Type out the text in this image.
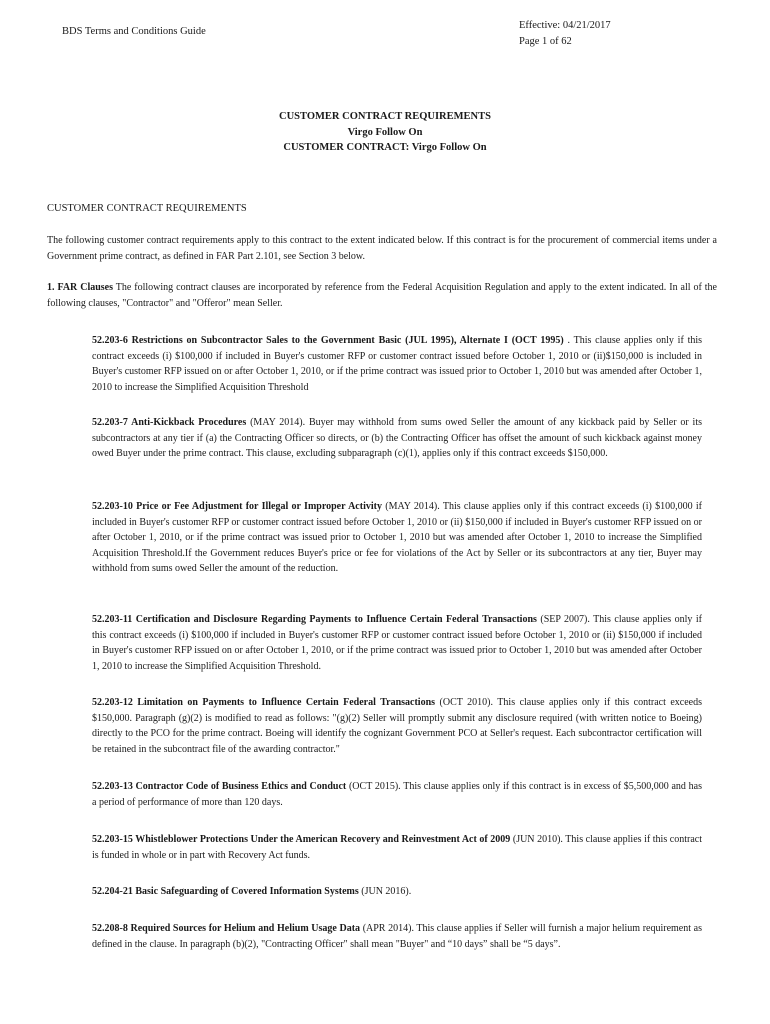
BDS Terms and Conditions Guide
Effective: 04/21/2017
Page 1 of 62
CUSTOMER CONTRACT REQUIREMENTS
Virgo Follow On
CUSTOMER CONTRACT: Virgo Follow On
CUSTOMER CONTRACT REQUIREMENTS
The following customer contract requirements apply to this contract to the extent indicated below. If this contract is for the procurement of commercial items under a Government prime contract, as defined in FAR Part 2.101, see Section 3 below.
1. FAR Clauses The following contract clauses are incorporated by reference from the Federal Acquisition Regulation and apply to the extent indicated. In all of the following clauses, "Contractor" and "Offeror" mean Seller.
52.203-6 Restrictions on Subcontractor Sales to the Government Basic (JUL 1995), Alternate I (OCT 1995) . This clause applies only if this contract exceeds (i) $100,000 if included in Buyer's customer RFP or customer contract issued before October 1, 2010 or (ii)$150,000 is included in Buyer's customer RFP issued on or after October 1, 2010, or if the prime contract was issued prior to October 1, 2010 but was amended after October 1, 2010 to increase the Simplified Acquisition Threshold
52.203-7 Anti-Kickback Procedures (MAY 2014). Buyer may withhold from sums owed Seller the amount of any kickback paid by Seller or its subcontractors at any tier if (a) the Contracting Officer so directs, or (b) the Contracting Officer has offset the amount of such kickback against money owed Buyer under the prime contract. This clause, excluding subparagraph (c)(1), applies only if this contract exceeds $150,000.
52.203-10 Price or Fee Adjustment for Illegal or Improper Activity (MAY 2014). This clause applies only if this contract exceeds (i) $100,000 if included in Buyer's customer RFP or customer contract issued before October 1, 2010 or (ii) $150,000 if included in Buyer's customer RFP issued on or after October 1, 2010, or if the prime contract was issued prior to October 1, 2010 but was amended after October 1, 2010 to increase the Simplified Acquisition Threshold.If the Government reduces Buyer's price or fee for violations of the Act by Seller or its subcontractors at any tier, Buyer may withhold from sums owed Seller the amount of the reduction.
52.203-11 Certification and Disclosure Regarding Payments to Influence Certain Federal Transactions (SEP 2007). This clause applies only if this contract exceeds (i) $100,000 if included in Buyer's customer RFP or customer contract issued before October 1, 2010 or (ii) $150,000 if included in Buyer's customer RFP issued on or after October 1, 2010, or if the prime contract was issued prior to October 1, 2010 but was amended after October 1, 2010 to increase the Simplified Acquisition Threshold.
52.203-12 Limitation on Payments to Influence Certain Federal Transactions (OCT 2010). This clause applies only if this contract exceeds $150,000. Paragraph (g)(2) is modified to read as follows: "(g)(2) Seller will promptly submit any disclosure required (with written notice to Boeing) directly to the PCO for the prime contract. Boeing will identify the cognizant Government PCO at Seller's request. Each subcontractor certification will be retained in the subcontract file of the awarding contractor."
52.203-13 Contractor Code of Business Ethics and Conduct (OCT 2015). This clause applies only if this contract is in excess of $5,500,000 and has a period of performance of more than 120 days.
52.203-15 Whistleblower Protections Under the American Recovery and Reinvestment Act of 2009 (JUN 2010). This clause applies if this contract is funded in whole or in part with Recovery Act funds.
52.204-21 Basic Safeguarding of Covered Information Systems (JUN 2016).
52.208-8 Required Sources for Helium and Helium Usage Data (APR 2014). This clause applies if Seller will furnish a major helium requirement as defined in the clause. In paragraph (b)(2), "Contracting Officer" shall mean "Buyer" and “10 days” shall be “5 days”.
